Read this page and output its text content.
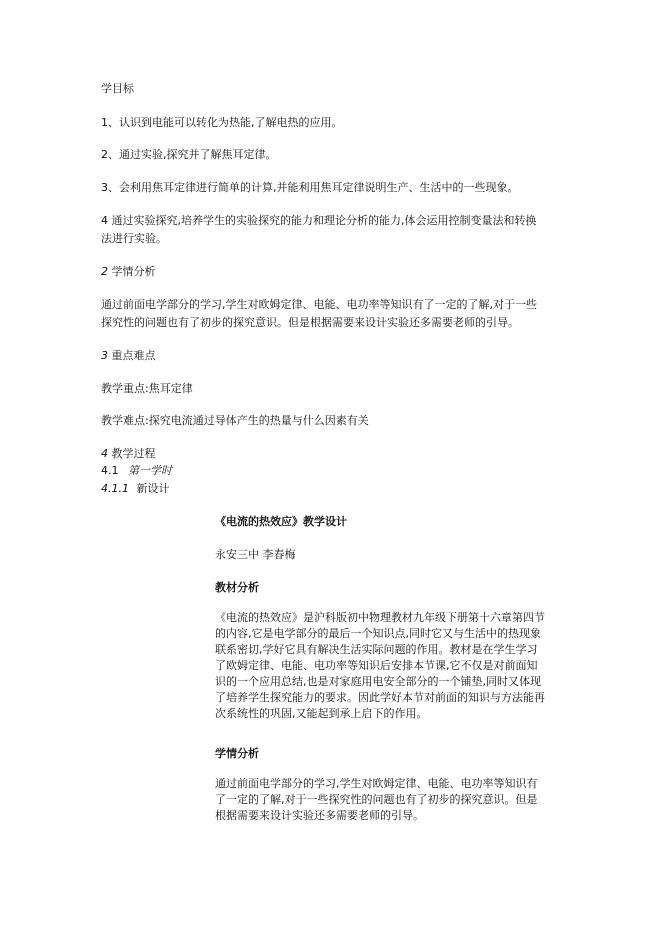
学目标
1、认识到电能可以转化为热能,了解电热的应用。
2、通过实验,探究并了解焦耳定律。
3、会利用焦耳定律进行简单的计算,并能利用焦耳定律说明生产、生活中的一些现象。
4 通过实验探究,培养学生的实验探究的能力和理论分析的能力,体会运用控制变量法和转换
法进行实验。
2 学情分析
通过前面电学部分的学习,学生对欧姆定律、电能、电功率等知识有了一定的了解,对于一些
探究性的问题也有了初步的探究意识。但是根据需要来设计实验还多需要老师的引导。
3 重点难点
教学重点:焦耳定律
教学难点:探究电流通过导体产生的热量与什么因素有关
4 教学过程
4.1 第一学时
4.1.1 新设计
《电流的热效应》教学设计
永安三中 李春梅
教材分析
《电流的热效应》是沪科版初中物理教材九年级下册第十六章第四节
的内容,它是电学部分的最后一个知识点,同时它又与生活中的热现象
联系密切,学好它具有解决生活实际问题的作用。教材是在学生学习
了欧姆定律、电能、电功率等知识后安排本节课,它不仅是对前面知
识的一个应用总结,也是对家庭用电安全部分的一个铺垫,同时又体现
了培养学生探究能力的要求。因此学好本节对前面的知识与方法能再
次系统性的巩固,又能起到承上启下的作用。
学情分析
通过前面电学部分的学习,学生对欧姆定律、电能、电功率等知识有
了一定的了解,对于一些探究性的问题也有了初步的探究意识。但是
根据需要来设计实验还多需要老师的引导。
